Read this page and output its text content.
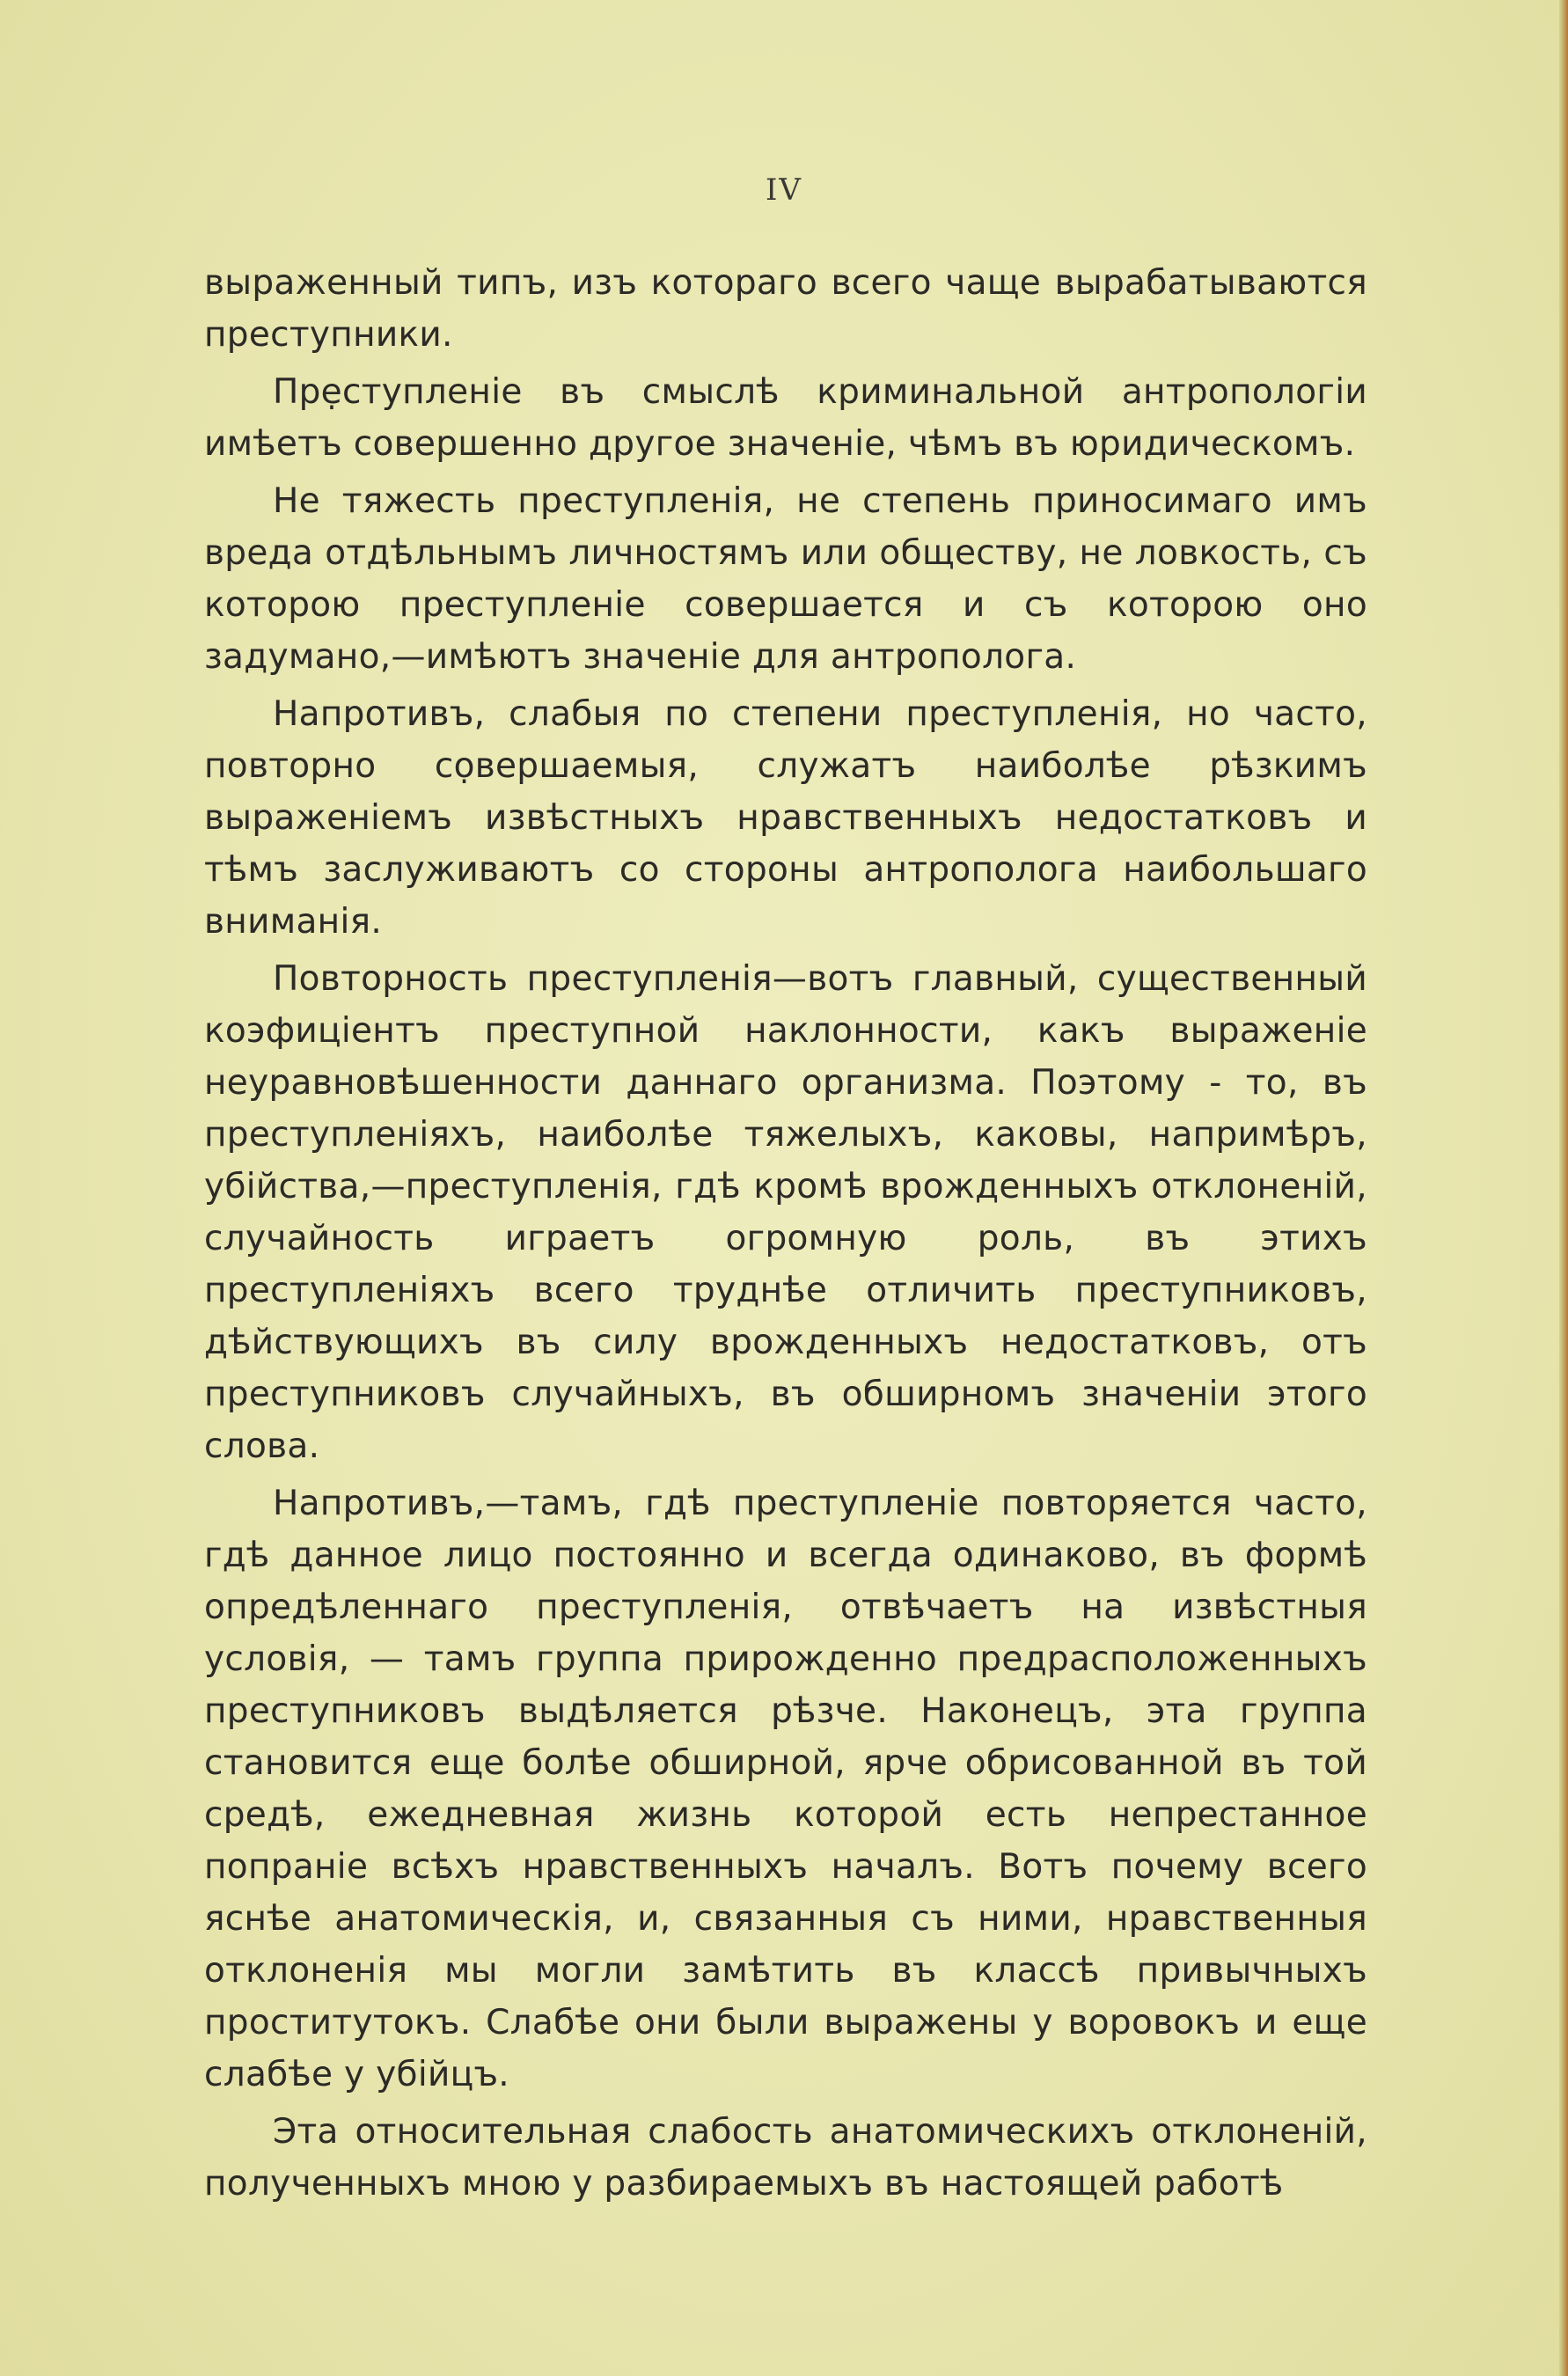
IV

выраженный типъ, изъ котораго всего чаще вырабатываются преступники.

Прẹступленіе въ смыслѣ криминальной антропологіи имѣетъ совершенно другое значеніе, чѣмъ въ юридическомъ.

Не тяжесть преступленія, не степень приносимаго имъ вреда отдѣльнымъ личностямъ или обществу, не ловкость, съ которою преступленіе совершается и съ которою оно задумано,—имѣютъ значеніе для антрополога.

Напротивъ, слабыя по степени преступленія, но часто, повторно сọвершаемыя, служатъ наиболѣе рѣзкимъ выраженіемъ извѣстныхъ нравственныхъ недостатковъ и тѣмъ заслуживаютъ со стороны антрополога наибольшаго вниманія.

Повторность преступленія—вотъ главный, существенный коэфиціентъ преступной наклонности, какъ выраженіе неуравновѣшенности даннаго организма. Поэтому - то, въ преступленіяхъ, наиболѣе тяжелыхъ, каковы, напримѣръ, убійства,—преступленія, гдѣ кромѣ врожденныхъ отклоненій, случайность играетъ огромную роль, въ этихъ преступленіяхъ всего труднѣе отличить преступниковъ, дѣйствующихъ въ силу врожденныхъ недостатковъ, отъ преступниковъ случайныхъ, въ обширномъ значеніи этого слова.

Напротивъ,—тамъ, гдѣ преступленіе повторяется часто, гдѣ данное лицо постоянно и всегда одинаково, въ формѣ опредѣленнаго преступленія, отвѣчаетъ на извѣстныя условія, — тамъ группа прирожденно предрасположенныхъ преступниковъ выдѣляется рѣзче. Наконецъ, эта группа становится еще болѣе обширной, ярче обрисованной въ той средѣ, ежедневная жизнь которой есть непрестанное попраніе всѣхъ нравственныхъ началъ. Вотъ почему всего яснѣе анатомическія, и, связанныя съ ними, нравственныя отклоненія мы могли замѣтить въ классѣ привычныхъ проститутокъ. Слабѣе они были выражены у воровокъ и еще слабѣе у убійцъ.

Эта относительная слабость анатомическихъ отклоненій, полученныхъ мною у разбираемыхъ въ настоящей работѣ
